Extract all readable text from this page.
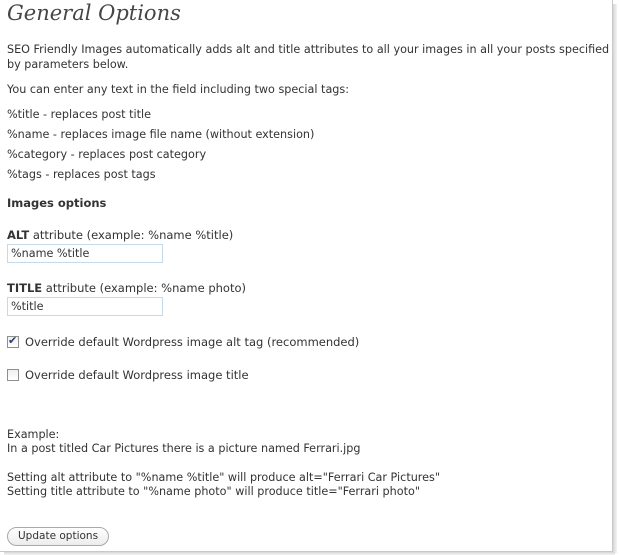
General Options

SEO Friendly Images automatically adds alt and title attributes to all your images in all your posts specified by parameters below.

You can enter any text in the field including two special tags:

%title - replaces post title

%name - replaces image file name (without extension)

%category - replaces post category

%tags - replaces post tags

Images options
ALT attribute (example: %name %title)
%name %title
TITLE attribute (example: %name photo)
%title
✔ Override default Wordpress image alt tag (recommended)
Override default Wordpress image title

Example:

In a post titled Car Pictures there is a picture named Ferrari.jpg

Setting alt attribute to "%name %title" will produce alt="Ferrari Car Pictures"

Setting title attribute to "%name photo" will produce title="Ferrari photo"

Update options
